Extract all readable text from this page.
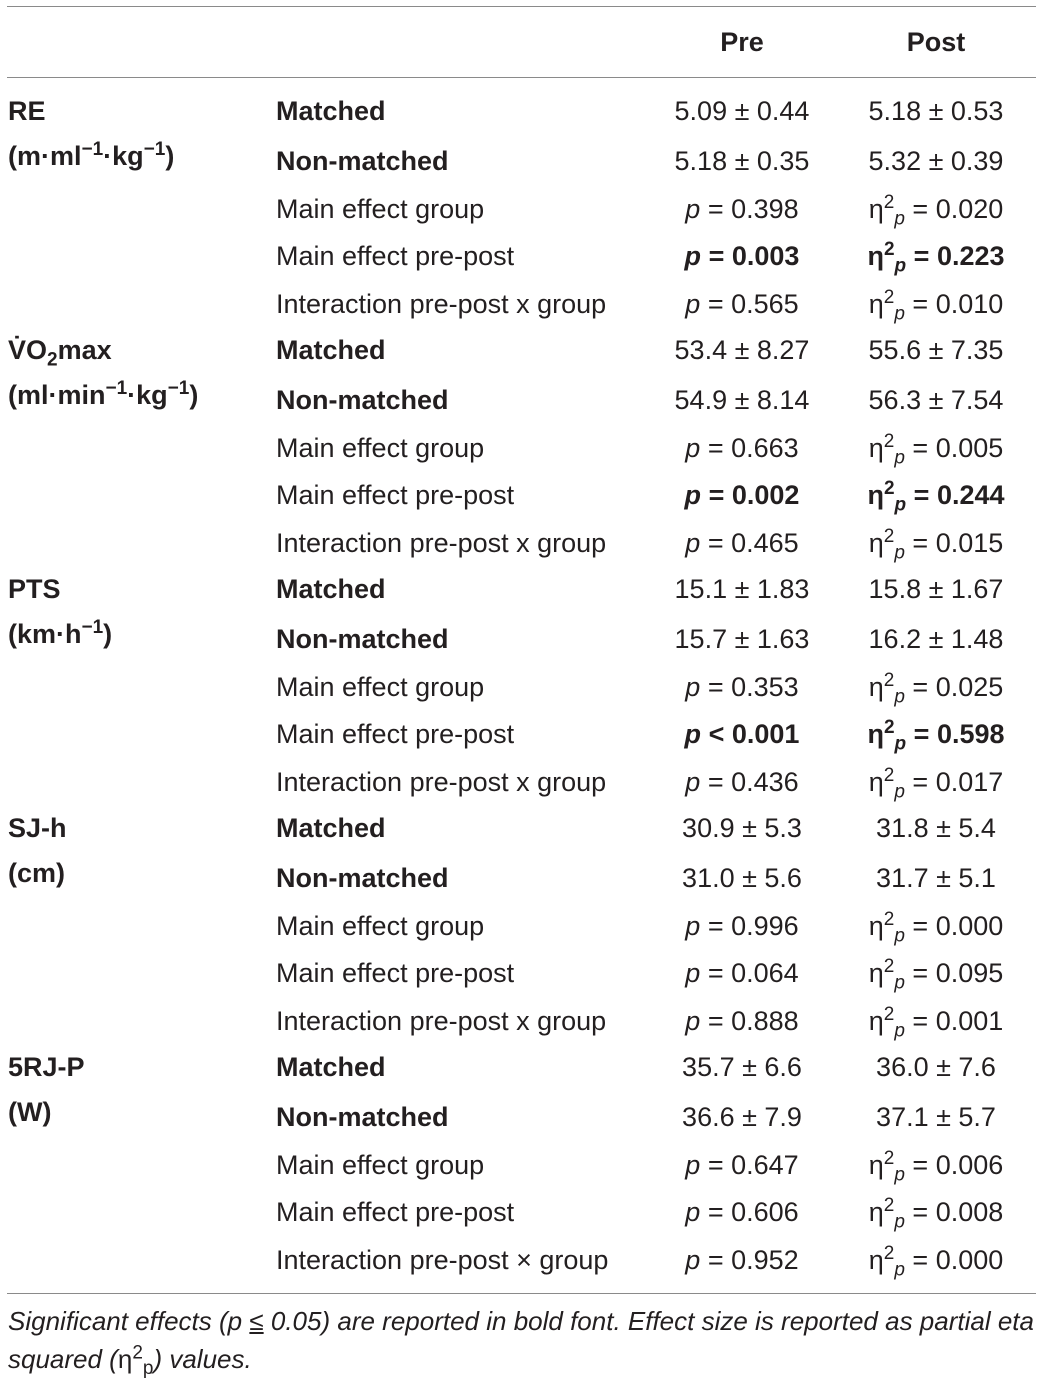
Pre	Post
RE
$(m\cdot ml^{-1}\cdot kg^{-1})$
Matched	5.09 ± 0.44	5.18 ± 0.53
Non-matched	5.18 ± 0.35	5.32 ± 0.39
Main effect group	p = 0.398	$\eta^2_p = 0.020$
Main effect pre-post	p = 0.003	$\eta^2_p = 0.223$
Interaction pre-post x group	p = 0.565	$\eta^2_p = 0.010$
$V̇O_2\max$
$(ml\cdot\min^{-1}\cdot kg^{-1})$
Matched	53.4 ± 8.27	55.6 ± 7.35
Non-matched	54.9 ± 8.14	56.3 ± 7.54
Main effect group	p = 0.663	$\eta^2_p = 0.005$
Main effect pre-post	p = 0.002	$\eta^2_p = 0.244$
Interaction pre-post x group	p = 0.465	$\eta^2_p = 0.015$
PTS
$(km\cdot h^{-1})$
Matched	15.1 ± 1.83	15.8 ± 1.67
Non-matched	15.7 ± 1.63	16.2 ± 1.48
Main effect group	p = 0.353	$\eta^2_p = 0.025$
Main effect pre-post	p < 0.001	$\eta^2_p = 0.598$
Interaction pre-post x group	p = 0.436	$\eta^2_p = 0.017$
SJ-h
(cm)
Matched	30.9 ± 5.3	31.8 ± 5.4
Non-matched	31.0 ± 5.6	31.7 ± 5.1
Main effect group	p = 0.996	$\eta^2_p = 0.000$
Main effect pre-post	p = 0.064	$\eta^2_p = 0.095$
Interaction pre-post x group	p = 0.888	$\eta^2_p = 0.001$
5RJ-P
(W)
Matched	35.7 ± 6.6	36.0 ± 7.6
Non-matched	36.6 ± 7.9	37.1 ± 5.7
Main effect group	p = 0.647	$\eta^2_p = 0.006$
Main effect pre-post	p = 0.606	$\eta^2_p = 0.008$
Interaction pre-post × group	p = 0.952	$\eta^2_p = 0.000$
Significant effects (p ≤ 0.05) are reported in bold font. Effect size is reported as partial eta squared $(\eta^2_p)$ values.
